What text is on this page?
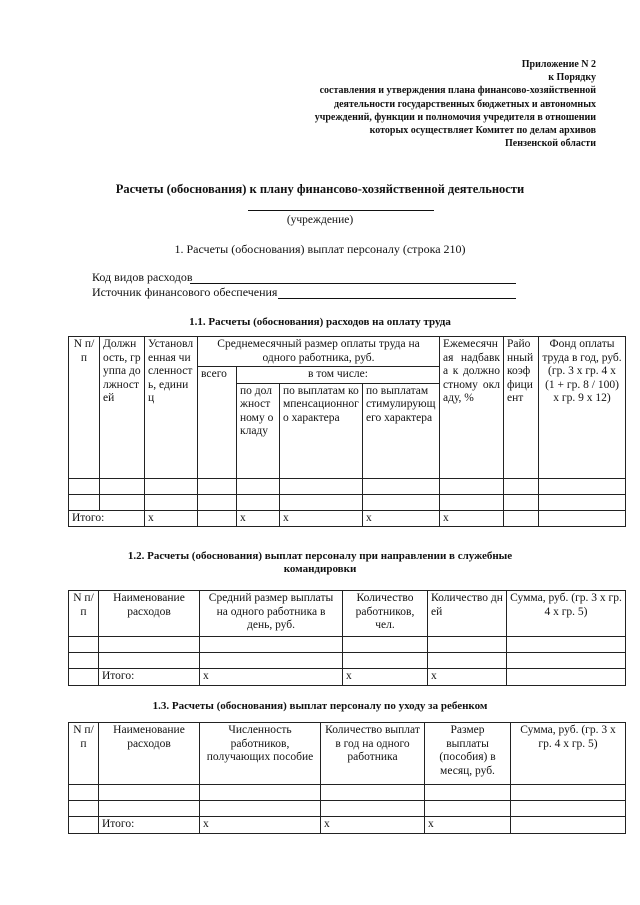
Приложение N 2
к Порядку
составления и утверждения плана финансово-хозяйственной
деятельности государственных бюджетных и автономных
учреждений, функции и полномочия учредителя в отношении
которых осуществляет Комитет по делам архивов
Пензенской области
Расчеты (обоснования) к плану финансово-хозяйственной деятельности
(учреждение)
1. Расчеты (обоснования) выплат персоналу (строка 210)
Код видов расходов
Источник финансового обеспечения
1.1. Расчеты (обоснования) расходов на оплату труда
N п/п	Должность, группа должностей	Установленная численность, единиц	Среднемесячный размер оплаты труда на одного работника, руб.				Ежемесячная надбавка к должностному окладу, %	Районный коэффициент	Фонд оплаты труда в год, руб. (гр. 3 x гр. 4 x (1 + гр. 8 / 100) x гр. 9 x 12)
			всего	в том числе:					
				по должностному окладу	по выплатам компенсационного характера	по выплатам стимулирующего характера			

Итого:		x		x	x	x	x		
1.2. Расчеты (обоснования) выплат персоналу при направлении в служебные командировки
N п/п	Наименование расходов	Средний размер выплаты на одного работника в день, руб.	Количество работников, чел.	Количество дней	Сумма, руб. (гр. 3 x гр. 4 x гр. 5)

	Итого:	x	x	x	
1.3. Расчеты (обоснования) выплат персоналу по уходу за ребенком
N п/п	Наименование расходов	Численность работников, получающих пособие	Количество выплат в год на одного работника	Размер выплаты (пособия) в месяц, руб.	Сумма, руб. (гр. 3 x гр. 4 x гр. 5)

	Итого:	x	x	x	
